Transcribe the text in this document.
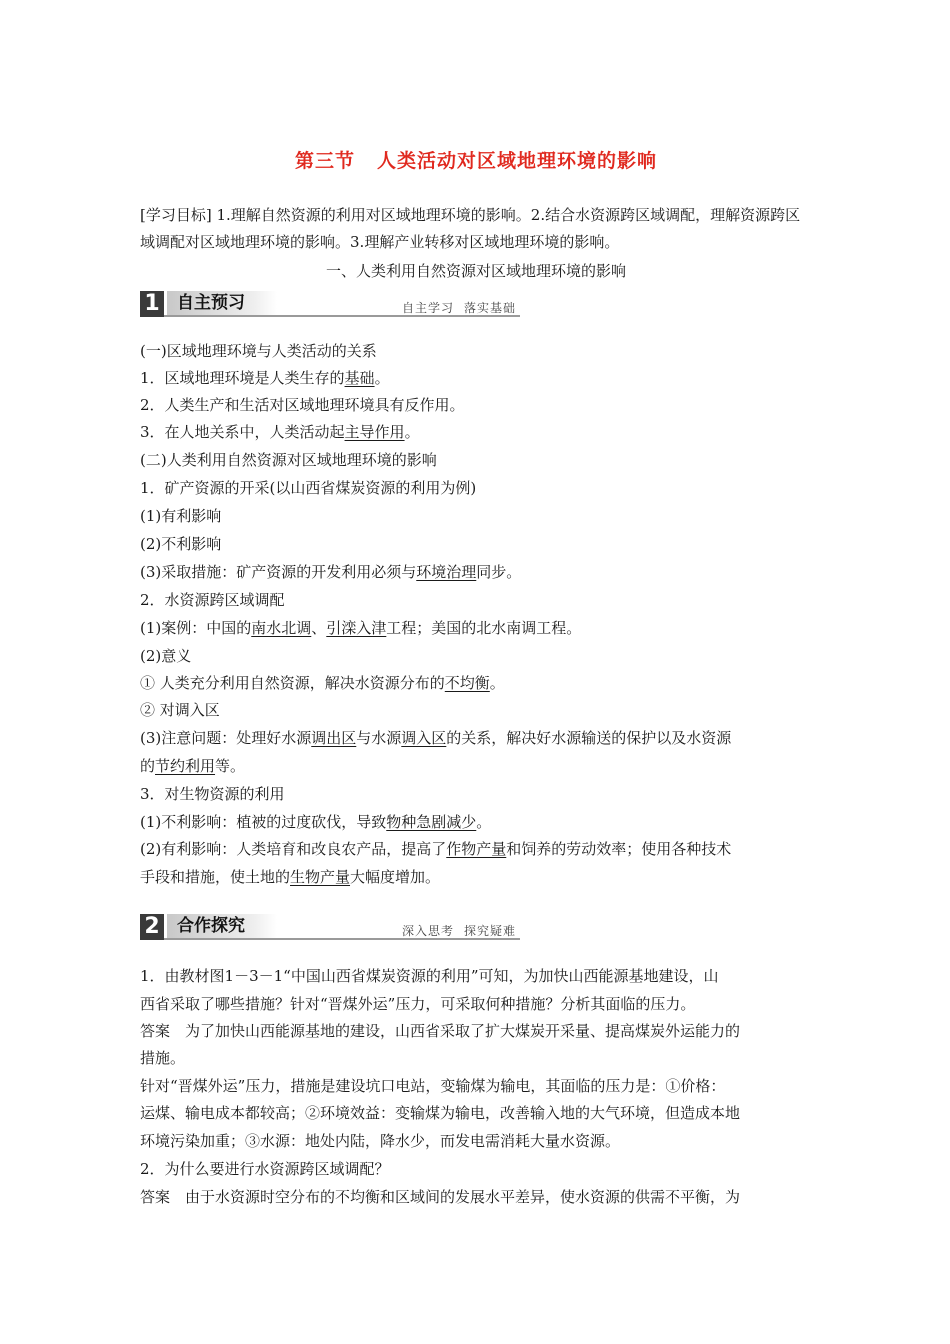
第三节 人类活动对区域地理环境的影响
[学习目标] 1.理解自然资源的利用对区域地理环境的影响。2.结合水资源跨区域调配，理解资源跨区域调配对区域地理环境的影响。3.理解产业转移对区域地理环境的影响。
一、人类利用自然资源对区域地理环境的影响
1	自主预习	自主学习 落实基础
(一)区域地理环境与人类活动的关系
1．区域地理环境是人类生存的基础。
2．人类生产和生活对区域地理环境具有反作用。
3．在人地关系中，人类活动起主导作用。
(二)人类利用自然资源对区域地理环境的影响
1．矿产资源的开采(以山西省煤炭资源的利用为例)
(1)有利影响
(2)不利影响
(3)采取措施：矿产资源的开发利用必须与环境治理同步。
2．水资源跨区域调配
(1)案例：中国的南水北调、引滦入津工程；美国的北水南调工程。
(2)意义
① 人类充分利用自然资源，解决水资源分布的不均衡。
② 对调入区
(3)注意问题：处理好水源调出区与水源调入区的关系，解决好水源输送的保护以及水资源
的节约利用等。
3．对生物资源的利用
(1)不利影响：植被的过度砍伐，导致物种急剧减少。
(2)有利影响：人类培育和改良农产品，提高了作物产量和饲养的劳动效率；使用各种技术
手段和措施，使土地的生物产量大幅度增加。
2	合作探究	深入思考 探究疑难
1．由教材图1－3－1“中国山西省煤炭资源的利用”可知，为加快山西能源基地建设，山
西省采取了哪些措施？针对“晋煤外运”压力，可采取何种措施？分析其面临的压力。
答案　为了加快山西能源基地的建设，山西省采取了扩大煤炭开采量、提高煤炭外运能力的
措施。
针对“晋煤外运”压力，措施是建设坑口电站，变输煤为输电，其面临的压力是：①价格：
运煤、输电成本都较高；②环境效益：变输煤为输电，改善输入地的大气环境，但造成本地
环境污染加重；③水源：地处内陆，降水少，而发电需消耗大量水资源。
2．为什么要进行水资源跨区域调配？
答案　由于水资源时空分布的不均衡和区域间的发展水平差异，使水资源的供需不平衡，为
